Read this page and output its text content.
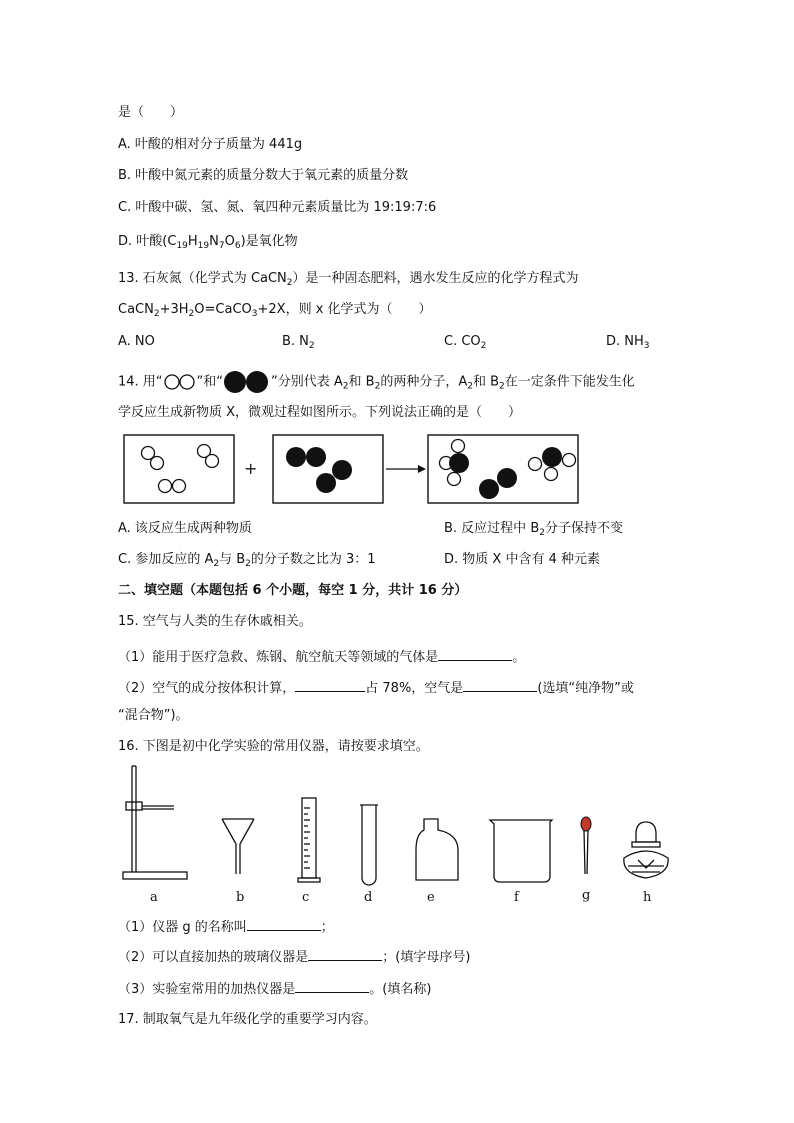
是（　　）
A. 叶酸的相对分子质量为 441g
B. 叶酸中氮元素的质量分数大于氧元素的质量分数
C. 叶酸中碳、氢、氮、氧四种元素质量比为 19:19:7:6
D. 叶酸$(C_{19}H_{19}N_7O_6)$是氧化物
13. 石灰氮（化学式为 CaCN$_2$）是一种固态肥料，遇水发生反应的化学方程式为
$CaCN_2+3H_2O=CaCO_3+2X$，则 x 化学式为（　　）
A. NO	B. $N_2$	C. $CO_2$	D. $NH_3$
14. 用“	”和“	”分别代表 $A_2$和 $B_2$的两种分子，$A_2$和 $B_2$在一定条件下能发生化
学反应生成新物质 X，微观过程如图所示。下列说法正确的是（　　）
+
A. 该反应生成两种物质	B. 反应过程中 $B_2$分子保持不变
C. 参加反应的 $A_2$与 $B_2$的分子数之比为 3：1	D. 物质 X 中含有 4 种元素
二、填空题（本题包括 6 个小题，每空 1 分，共计 16 分）
15. 空气与人类的生存休戚相关。
（1）能用于医疗急救、炼钢、航空航天等领域的气体是	。
（2）空气的成分按体积计算，	占 78%，空气是	(选填“纯净物”或
“混合物”)。
16. 下图是初中化学实验的常用仪器，请按要求填空。
a	b	c	d	e	f	g	h
（1）仪器 g 的名称叫	；
（2）可以直接加热的玻璃仪器是	；(填字母序号)
（3）实验室常用的加热仪器是	。(填名称)
17. 制取氧气是九年级化学的重要学习内容。
